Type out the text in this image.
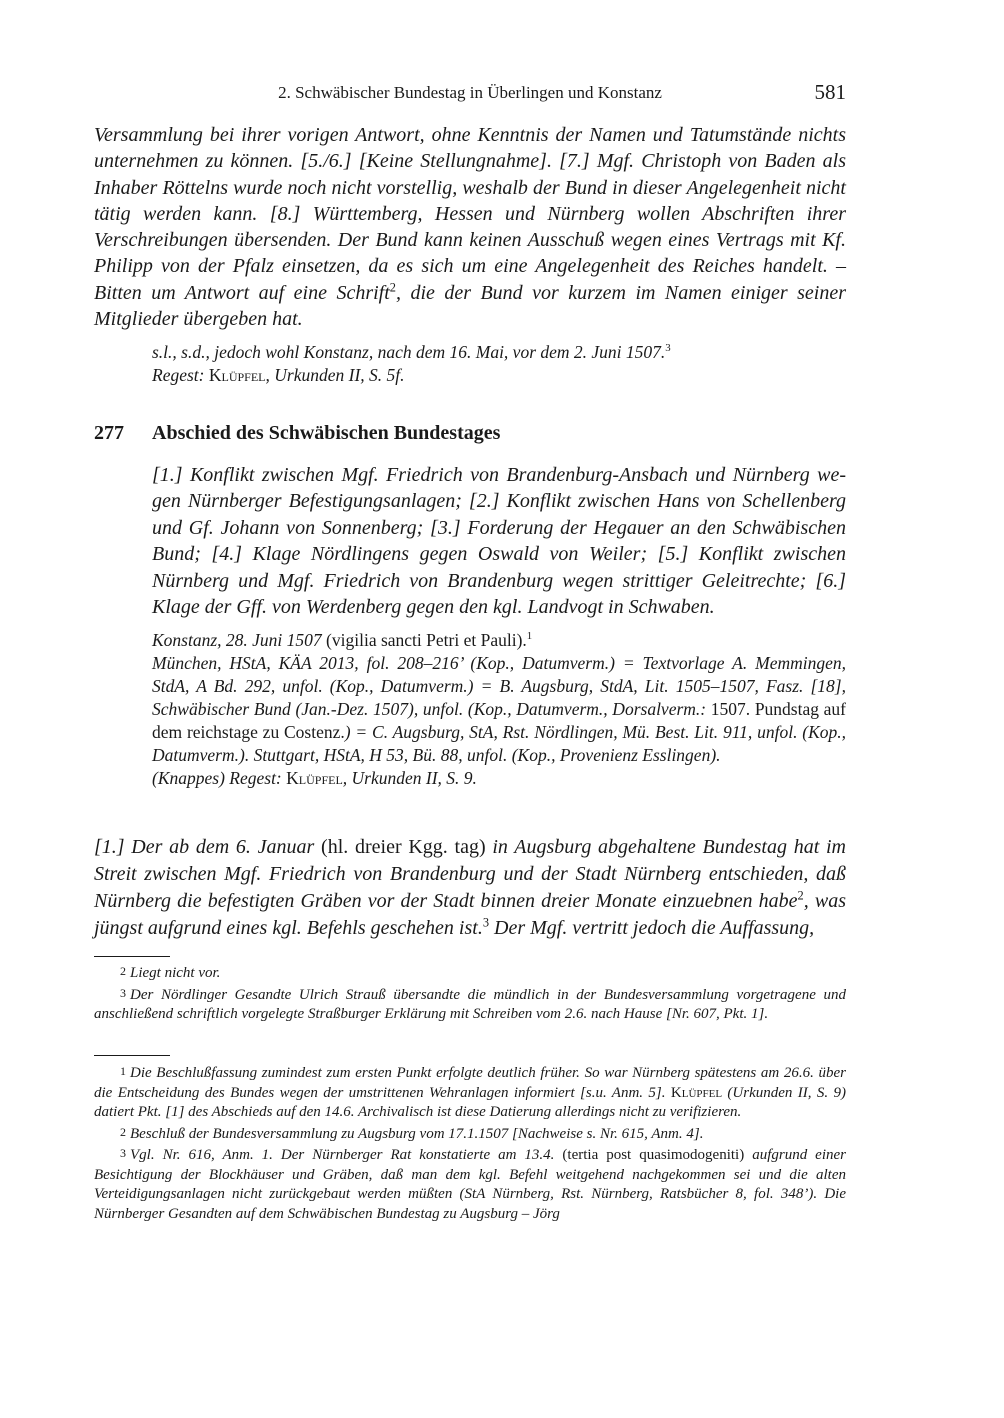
2. Schwäbischer Bundestag in Überlingen und Konstanz	581

Versammlung bei ihrer vorigen Antwort, ohne Kenntnis der Namen und Tatumstände nichts unternehmen zu können. [5./6.] [Keine Stellungnahme]. [7.] Mgf. Christoph von Baden als Inhaber Röttelns wurde noch nicht vorstellig, weshalb der Bund in dieser Angelegenheit nicht tätig werden kann. [8.] Württemberg, Hessen und Nürnberg wollen Abschriften ihrer Verschreibungen übersenden. Der Bund kann keinen Ausschuß wegen eines Vertrags mit Kf. Philipp von der Pfalz einsetzen, da es sich um eine Angelegenheit des Reiches handelt. – Bitten um Antwort auf eine Schrift$^2$, die der Bund vor kurzem im Namen einiger seiner Mitglieder übergeben hat.

s.l., s.d., jedoch wohl Konstanz, nach dem 16. Mai, vor dem 2. Juni 1507.$^3$
Regest: Klüpfel, Urkunden II, S. 5f.

277 Abschied des Schwäbischen Bundestages

[1.] Konflikt zwischen Mgf. Friedrich von Brandenburg-Ansbach und Nürnberg wegen Nürnberger Befestigungsanlagen; [2.] Konflikt zwischen Hans von Schellenberg und Gf. Johann von Sonnenberg; [3.] Forderung der Hegauer an den Schwäbischen Bund; [4.] Klage Nördlingens gegen Oswald von Weiler; [5.] Konflikt zwischen Nürnberg und Mgf. Friedrich von Brandenburg wegen strittiger Geleitrechte; [6.] Klage der Gff. von Werdenberg gegen den kgl. Landvogt in Schwaben.

Konstanz, 28. Juni 1507 (vigilia sancti Petri et Pauli).$^1$
München, HStA, KÄA 2013, fol. 208–216’ (Kop., Datumverm.) = Textvorlage A. Memmingen, StdA, A Bd. 292, unfol. (Kop., Datumverm.) = B. Augsburg, StdA, Lit. 1505–1507, Fasz. [18], Schwäbischer Bund (Jan.-Dez. 1507), unfol. (Kop., Datumverm., Dorsalverm.: 1507. Pundstag auf dem reichstage zu Costenz.) = C. Augsburg, StA, Rst. Nördlingen, Mü. Best. Lit. 911, unfol. (Kop., Datumverm.). Stuttgart, HStA, H 53, Bü. 88, unfol. (Kop., Provenienz Esslingen).
(Knappes) Regest: Klüpfel, Urkunden II, S. 9.

[1.] Der ab dem 6. Januar (hl. dreier Kgg. tag) in Augsburg abgehaltene Bundestag hat im Streit zwischen Mgf. Friedrich von Brandenburg und der Stadt Nürnberg entschieden, daß Nürnberg die befestigten Gräben vor der Stadt binnen dreier Monate einzuebnen habe$^2$, was jüngst aufgrund eines kgl. Befehls geschehen ist.$^3$ Der Mgf. vertritt jedoch die Auffassung,

2 Liegt nicht vor.

3 Der Nördlinger Gesandte Ulrich Strauß übersandte die mündlich in der Bundesversammlung vorgetragene und anschließend schriftlich vorgelegte Straßburger Erklärung mit Schreiben vom 2.6. nach Hause [Nr. 607, Pkt. 1].

1 Die Beschlußfassung zumindest zum ersten Punkt erfolgte deutlich früher. So war Nürnberg spätestens am 26.6. über die Entscheidung des Bundes wegen der umstrittenen Wehranlagen informiert [s.u. Anm. 5]. Klüpfel (Urkunden II, S. 9) datiert Pkt. [1] des Abschieds auf den 14.6. Archivalisch ist diese Datierung allerdings nicht zu verifizieren.

2 Beschluß der Bundesversammlung zu Augsburg vom 17.1.1507 [Nachweise s. Nr. 615, Anm. 4].

3 Vgl. Nr. 616, Anm. 1. Der Nürnberger Rat konstatierte am 13.4. (tertia post quasimodogeniti) aufgrund einer Besichtigung der Blockhäuser und Gräben, daß man dem kgl. Befehl weitgehend nachgekommen sei und die alten Verteidigungsanlagen nicht zurückgebaut werden müßten (StA Nürnberg, Rst. Nürnberg, Ratsbücher 8, fol. 348’). Die Nürnberger Gesandten auf dem Schwäbischen Bundestag zu Augsburg – Jörg
